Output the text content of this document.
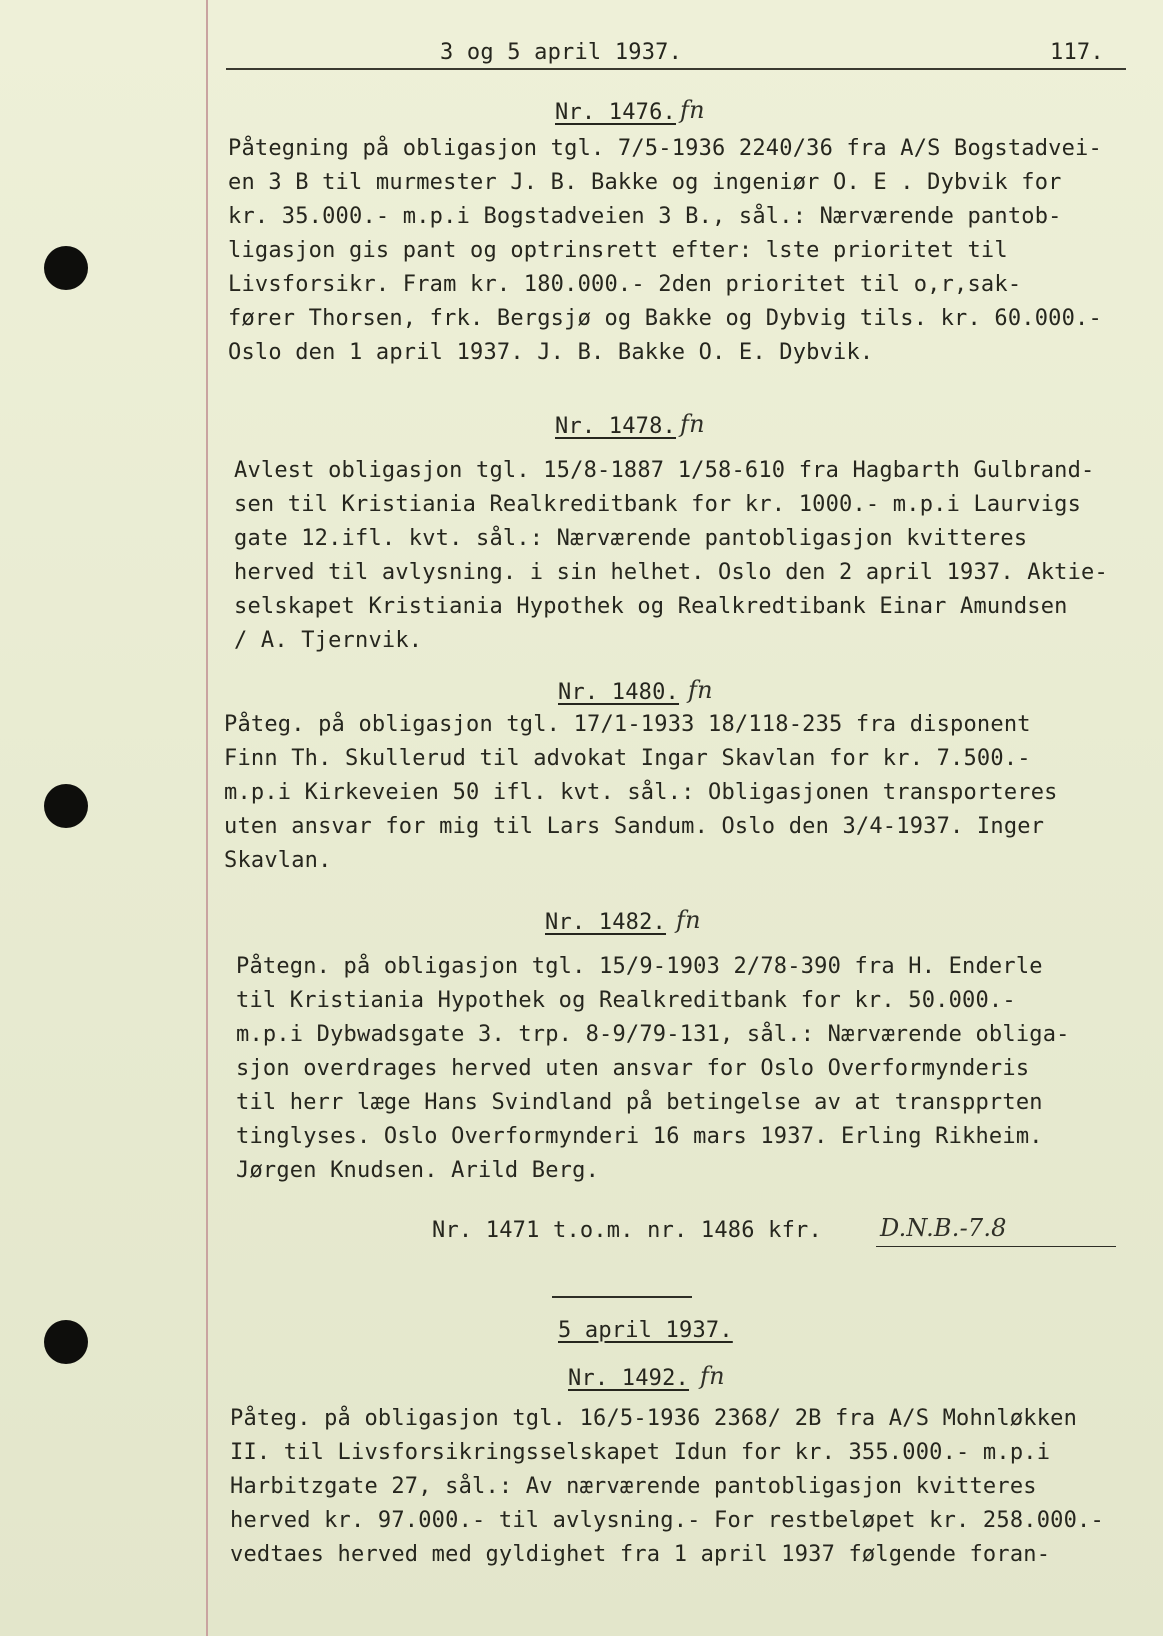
3 og 5 april 1937.	117.
Nr. 1476. fn
Påtegning på obligasjon tgl. 7/5-1936 2240/36 fra A/S Bogstadvei-
en 3 B til murmester J. B. Bakke og ingeniør O. E . Dybvik for
kr. 35.000.- m.p.i Bogstadveien 3 B., sål.: Nærværende pantob-
ligasjon gis pant og optrinsrett efter: lste prioritet til
Livsforsikr. Fram kr. 180.000.- 2den prioritet til o,r,sak-
fører Thorsen, frk. Bergsjø og Bakke og Dybvig tils. kr. 60.000.-
Oslo den 1 april 1937. J. B. Bakke O. E. Dybvik.
Nr. 1478. fn
Avlest obligasjon tgl. 15/8-1887 1/58-610 fra Hagbarth Gulbrand-
sen til Kristiania Realkreditbank for kr. 1000.- m.p.i Laurvigs
gate 12.ifl. kvt. sål.: Nærværende pantobligasjon kvitteres
herved til avlysning. i sin helhet. Oslo den 2 april 1937. Aktie-
selskapet Kristiania Hypothek og Realkredtibank Einar Amundsen
/ A. Tjernvik.
Nr. 1480. fn
Påteg. på obligasjon tgl. 17/1-1933 18/118-235 fra disponent
Finn Th. Skullerud til advokat Ingar Skavlan for kr. 7.500.-
m.p.i Kirkeveien 50 ifl. kvt. sål.: Obligasjonen transporteres
uten ansvar for mig til Lars Sandum. Oslo den 3/4-1937. Inger
Skavlan.
Nr. 1482. fn
Påtegn. på obligasjon tgl. 15/9-1903 2/78-390 fra H. Enderle
til Kristiania Hypothek og Realkreditbank for kr. 50.000.-
m.p.i Dybwadsgate 3. trp. 8-9/79-131, sål.: Nærværende obliga-
sjon overdrages herved uten ansvar for Oslo Overformynderis
til herr læge Hans Svindland på betingelse av at transpprten
tinglyses. Oslo Overformynderi 16 mars 1937. Erling Rikheim.
Jørgen Knudsen. Arild Berg.
Nr. 1471 t.o.m. nr. 1486 kfr. D.N.B.-7.8
5 april 1937.
Nr. 1492. fn
Påteg. på obligasjon tgl. 16/5-1936 2368/ 2B fra A/S Mohnløkken
II. til Livsforsikringsselskapet Idun for kr. 355.000.- m.p.i
Harbitzgate 27, sål.: Av nærværende pantobligasjon kvitteres
herved kr. 97.000.- til avlysning.- For restbeløpet kr. 258.000.-
vedtaes herved med gyldighet fra 1 april 1937 følgende foran-
